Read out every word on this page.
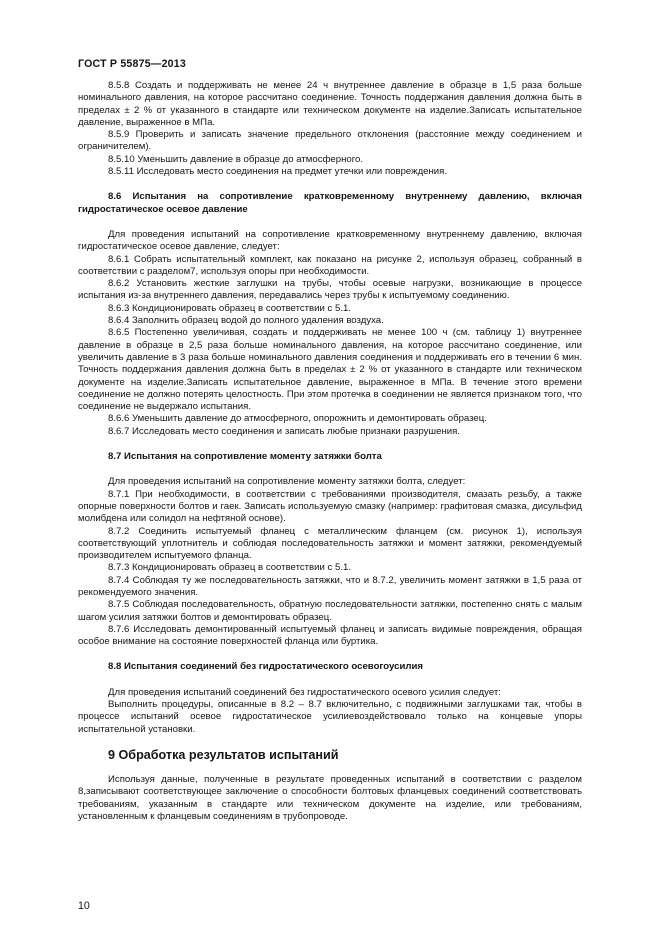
ГОСТ Р 55875—2013

8.5.8 Создать и поддерживать не менее 24 ч внутреннее давление в образце в 1,5 раза больше номинального давления, на которое рассчитано соединение. Точность поддержания давления должна быть в пределах ± 2 % от указанного в стандарте или техническом документе на изделие.Записать испытательное давление, выраженное в МПа.

8.5.9 Проверить и записать значение предельного отклонения (расстояние между соединением и ограничителем).

8.5.10 Уменьшить давление в образце до атмосферного.

8.5.11 Исследовать место соединения на предмет утечки или повреждения.

8.6 Испытания на сопротивление кратковременному внутреннему давлению, включая гидростатическое осевое давление

Для проведения испытаний на сопротивление кратковременному внутреннему давлению, включая гидростатическое осевое давление, следует:

8.6.1 Собрать испытательный комплект, как показано на рисунке 2, используя образец, собранный в соответствии с разделом7, используя опоры при необходимости.

8.6.2 Установить жесткие заглушки на трубы, чтобы осевые нагрузки, возникающие в процессе испытания из-за внутреннего давления, передавались через трубы к испытуемому соединению.

8.6.3 Кондиционировать образец в соответствии с 5.1.

8.6.4 Заполнить образец водой до полного удаления воздуха.

8.6.5 Постепенно увеличивая, создать и поддерживать не менее 100 ч (см. таблицу 1) внутреннее давление в образце в 2,5 раза больше номинального давления, на которое рассчитано соединение, или увеличить давление в 3 раза больше номинального давления соединения и поддерживать его в течении 6 мин. Точность поддержания давления должна быть в пределах ± 2 % от указанного в стандарте или техническом документе на изделие.Записать испытательное давление, выраженное в МПа. В течение этого времени соединение не должно потерять целостность. При этом протечка в соединении не является признаком того, что соединение не выдержало испытания.

8.6.6 Уменьшить давление до атмосферного, опорожнить и демонтировать образец.

8.6.7 Исследовать место соединения и записать любые признаки разрушения.

8.7 Испытания на сопротивление моменту затяжки болта

Для проведения испытаний на сопротивление моменту затяжки болта, следует:

8.7.1 При необходимости, в соответствии с требованиями производителя, смазать резьбу, а также опорные поверхности болтов и гаек. Записать используемую смазку (например: графитовая смазка, дисульфид молибдена или солидол на нефтяной основе).

8.7.2 Соединить испытуемый фланец с металлическим фланцем (см. рисунок 1), используя соответствующий уплотнитель и соблюдая последовательность затяжки и момент затяжки, рекомендуемый производителем испытуемого фланца.

8.7.3 Кондиционировать образец в соответствии с 5.1.

8.7.4 Соблюдая ту же последовательность затяжки, что и 8.7.2, увеличить момент затяжки в 1,5 раза от рекомендуемого значения.

8.7.5 Соблюдая последовательность, обратную последовательности затяжки, постепенно снять с малым шагом усилия затяжки болтов и демонтировать образец.

8.7.6 Исследовать демонтированный испытуемый фланец и записать видимые повреждения, обращая особое внимание на состояние поверхностей фланца или буртика.

8.8 Испытания соединений без гидростатического осевогоусилия

Для проведения испытаний соединений без гидростатического осевого усилия следует:

Выполнить процедуры, описанные в 8.2 – 8.7 включительно, с подвижными заглушками так, чтобы в процессе испытаний осевое гидростатическое усилиевоздействовало только на концевые упоры испытательной установки.

9 Обработка результатов испытаний

Используя данные, полученные в результате проведенных испытаний в соответствии с разделом 8,записывают соответствующее заключение о способности болтовых фланцевых соединений соответствовать требованиям, указанным в стандарте или техническом документе на изделие, или требованиям, установленным к фланцевым соединениям в трубопроводе.

10
